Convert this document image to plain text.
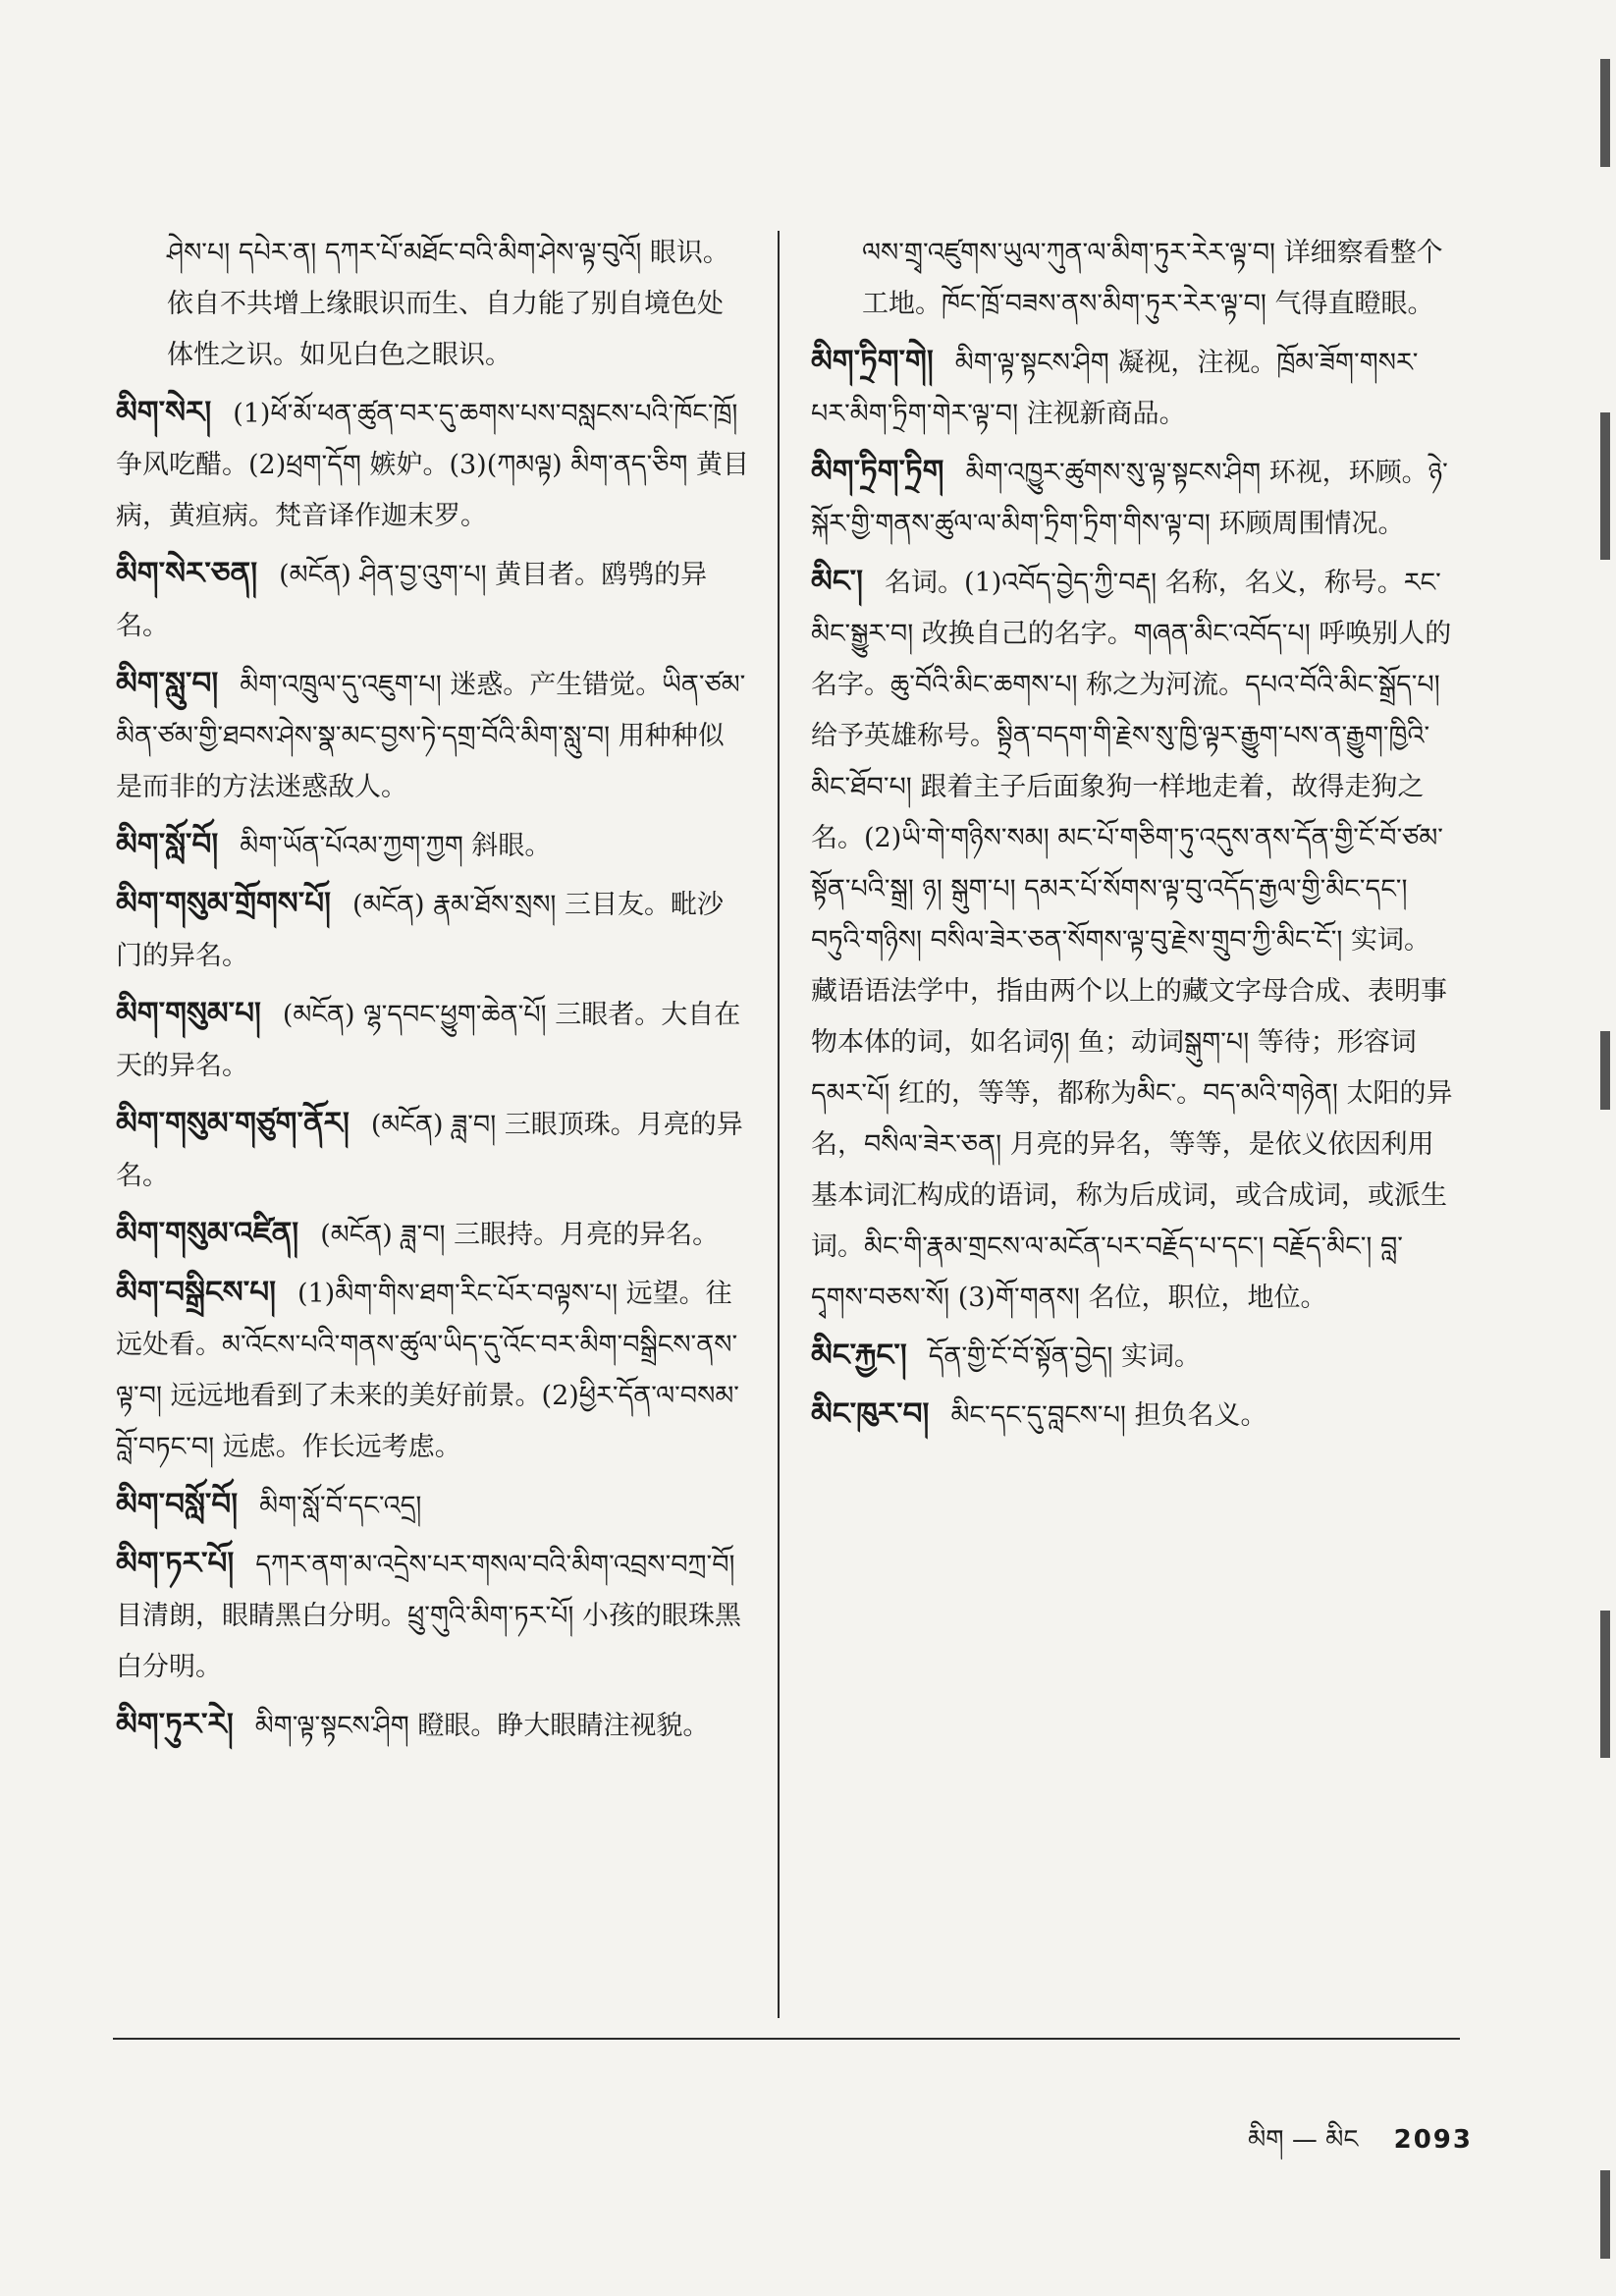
ཤེས་པ། དཔེར་ན། དཀར་པོ་མཐོང་བའི་མིག་ཤེས་ལྟ་བུའོ། 眼识。依自不共增上缘眼识而生、自力能了别自境色处体性之识。如见白色之眼识。

མིག་སེར། (1)ཕོ་མོ་ཕན་ཚུན་བར་དུ་ཆགས་པས་བསླངས་པའི་ཁོང་ཁྲོ། 争风吃醋。(2)ཕྲག་དོག 嫉妒。(3)(ཀམལྟ) མིག་ནད་ཅིག 黄目病，黄疸病。梵音译作迦末罗。

མིག་སེར་ཅན། (མངོན) ཤིན་བྱ་འུག་པ། 黄目者。鸥鸮的异名。

མིག་སླུ་བ། མིག་འཁྲུལ་དུ་འཇུག་པ། 迷惑。产生错觉。ཡིན་ཙམ་མིན་ཙམ་གྱི་ཐབས་ཤེས་སྣ་མང་བྱས་ཏེ་དགྲ་བོའི་མིག་སླུ་བ། 用种种似是而非的方法迷惑敌人。

མིག་སློ་བོ། མིག་ཡོན་པོའམ་ཀྱག་ཀྱག 斜眼。

མིག་གསུམ་གྲོགས་པོ། (མངོན) རྣམ་ཐོས་སྲས། 三目友。毗沙门的异名。

མིག་གསུམ་པ། (མངོན) ལྷ་དབང་ཕྱུག་ཆེན་པོ། 三眼者。大自在天的异名。

མིག་གསུམ་གཙུག་ནོར། (མངོན) ཟླ་བ། 三眼顶珠。月亮的异名。

མིག་གསུམ་འཛིན། (མངོན) ཟླ་བ། 三眼持。月亮的异名。

མིག་བསྒྲིངས་པ། (1)མིག་གིས་ཐག་རིང་པོར་བལྟས་པ། 远望。往远处看。མ་འོངས་པའི་གནས་ཚུལ་ཡིད་དུ་འོང་བར་མིག་བསྒྲིངས་ནས་ལྟ་བ། 远远地看到了未来的美好前景。(2)ཕྱིར་དོན་ལ་བསམ་བློ་བཏང་བ། 远虑。作长远考虑。

མིག་བསློ་བོ། མིག་སློ་བོ་དང་འདྲ།

མིག་ཏར་པོ། དཀར་ནག་མ་འདྲེས་པར་གསལ་བའི་མིག་འབྲས་བཀྲ་བོ། 目清朗，眼睛黑白分明。ཕྲུ་གུའི་མིག་ཏར་པོ། 小孩的眼珠黑白分明。

མིག་ཏུར་རེ། མིག་ལྟ་སྟངས་ཤིག 瞪眼。睁大眼睛注视貌。

ལས་གྲྭ་འཛུགས་ཡུལ་ཀུན་ལ་མིག་ཏུར་རེར་ལྟ་བ། 详细察看整个工地。ཁོང་ཁྲོ་བཟས་ནས་མིག་ཏུར་རེར་ལྟ་བ། 气得直瞪眼。

མིག་ཏྲིག་གེ། མིག་ལྟ་སྟངས་ཤིག 凝视，注视。ཁྲོམ་ཟོག་གསར་པར་མིག་ཏྲིག་གེར་ལྟ་བ། 注视新商品。

མིག་ཏྲིག་ཏྲིག མིག་འཁྱུར་ཚུགས་སུ་ལྟ་སྟངས་ཤིག 环视，环顾。ཉེ་སྐོར་གྱི་གནས་ཚུལ་ལ་མིག་ཏྲིག་ཏྲིག་གིས་ལྟ་བ། 环顾周围情况。

མིང་། 名词。(1)འབོད་བྱེད་ཀྱི་བརྡ། 名称，名义，称号。རང་མིང་སྒྱུར་བ། 改换自己的名字。གཞན་མིང་འབོད་པ། 呼唤别人的名字。ཆུ་བོའི་མིང་ཆགས་པ། 称之为河流。དཔའ་བོའི་མིང་སྒྲོད་པ། 给予英雄称号。སྟྲིན་བདག་གི་རྗེས་སུ་ཁྱི་ལྟར་རྒྱུག་པས་ན་རྒྱུག་ཁྱིའི་མིང་ཐོབ་པ། 跟着主子后面象狗一样地走着，故得走狗之名。(2)ཡི་གེ་གཉིས་སམ། མང་པོ་གཅིག་ཏུ་འདུས་ནས་དོན་གྱི་ངོ་བོ་ཙམ་སྟོན་པའི་སྒྲ། ཉ། སྒུག་པ། དམར་པོ་སོགས་ལྟ་བུ་འདོད་རྒྱལ་གྱི་མིང་དང་། བཏུའི་གཉིས། བསིལ་ཟེར་ཅན་སོགས་ལྟ་བུ་རྗེས་གྲུབ་ཀྱི་མིང་ངོ་། 实词。藏语语法学中，指由两个以上的藏文字母合成、表明事物本体的词，如名词ཉ། 鱼；动词སྒུག་པ། 等待；形容词དམར་པོ། 红的，等等，都称为མིང་。བད་མའི་གཉེན། 太阳的异名，བསིལ་ཟེར་ཅན། 月亮的异名，等等，是依义依因利用基本词汇构成的语词，称为后成词，或合成词，或派生词。མིང་གི་རྣམ་གྲངས་ལ་མངོན་པར་བརྗོད་པ་དང་། བརྗོད་མིང་། བླ་དྭགས་བཅས་སོ། (3)གོ་གནས། 名位，职位，地位。

མིང་རྐྱང་། དོན་གྱི་ངོ་བོ་སྟོན་བྱེད། 实词。

མིང་ཁུར་བ། མིང་དང་དུ་བླངས་པ། 担负名义。

མིག — མིང 2093
